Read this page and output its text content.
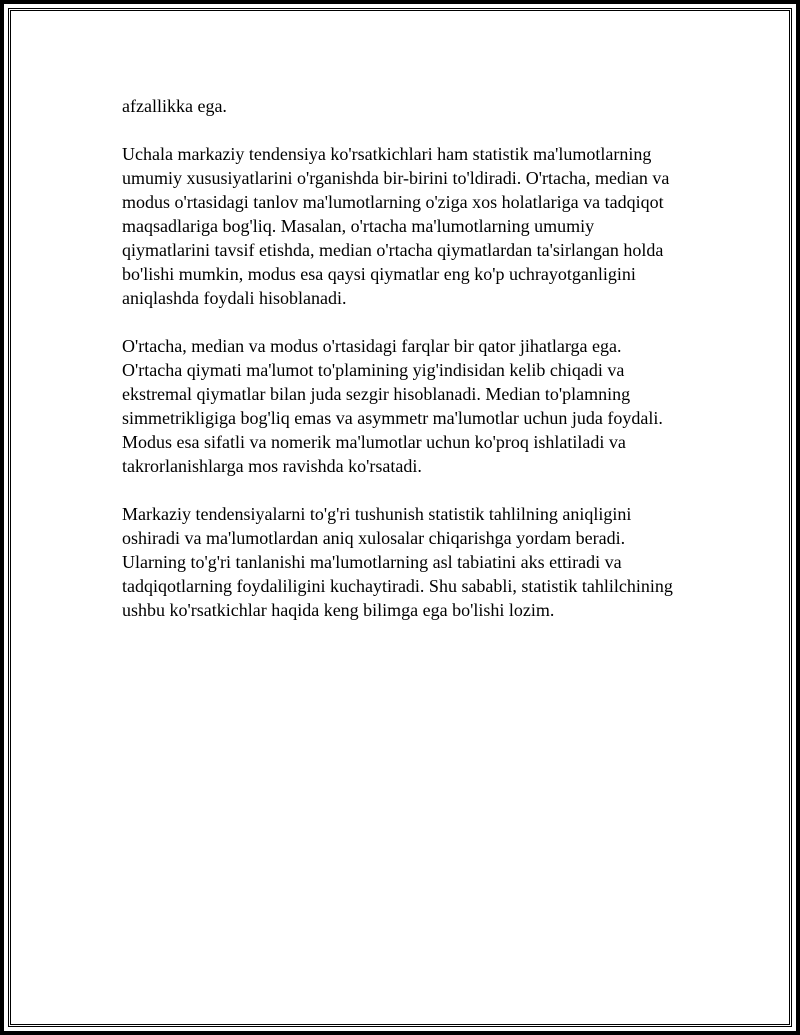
afzallikka ega.

Uchala markaziy tendensiya ko'rsatkichlari ham statistik ma'lumotlarning
umumiy xususiyatlarini o'rganishda bir-birini to'ldiradi. O'rtacha, median va
modus o'rtasidagi tanlov ma'lumotlarning o'ziga xos holatlariga va tadqiqot
maqsadlariga bog'liq. Masalan, o'rtacha ma'lumotlarning umumiy
qiymatlarini tavsif etishda, median o'rtacha qiymatlardan ta'sirlangan holda
bo'lishi mumkin, modus esa qaysi qiymatlar eng ko'p uchrayotganligini
aniqlashda foydali hisoblanadi.

O'rtacha, median va modus o'rtasidagi farqlar bir qator jihatlarga ega.
O'rtacha qiymati ma'lumot to'plamining yig'indisidan kelib chiqadi va
ekstremal qiymatlar bilan juda sezgir hisoblanadi. Median to'plamning
simmetrikligiga bog'liq emas va asymmetr ma'lumotlar uchun juda foydali.
Modus esa sifatli va nomerik ma'lumotlar uchun ko'proq ishlatiladi va
takrorlanishlarga mos ravishda ko'rsatadi.

Markaziy tendensiyalarni to'g'ri tushunish statistik tahlilning aniqligini
oshiradi va ma'lumotlardan aniq xulosalar chiqarishga yordam beradi.
Ularning to'g'ri tanlanishi ma'lumotlarning asl tabiatini aks ettiradi va
tadqiqotlarning foydaliligini kuchaytiradi. Shu sababli, statistik tahlilchining
ushbu ko'rsatkichlar haqida keng bilimga ega bo'lishi lozim.
